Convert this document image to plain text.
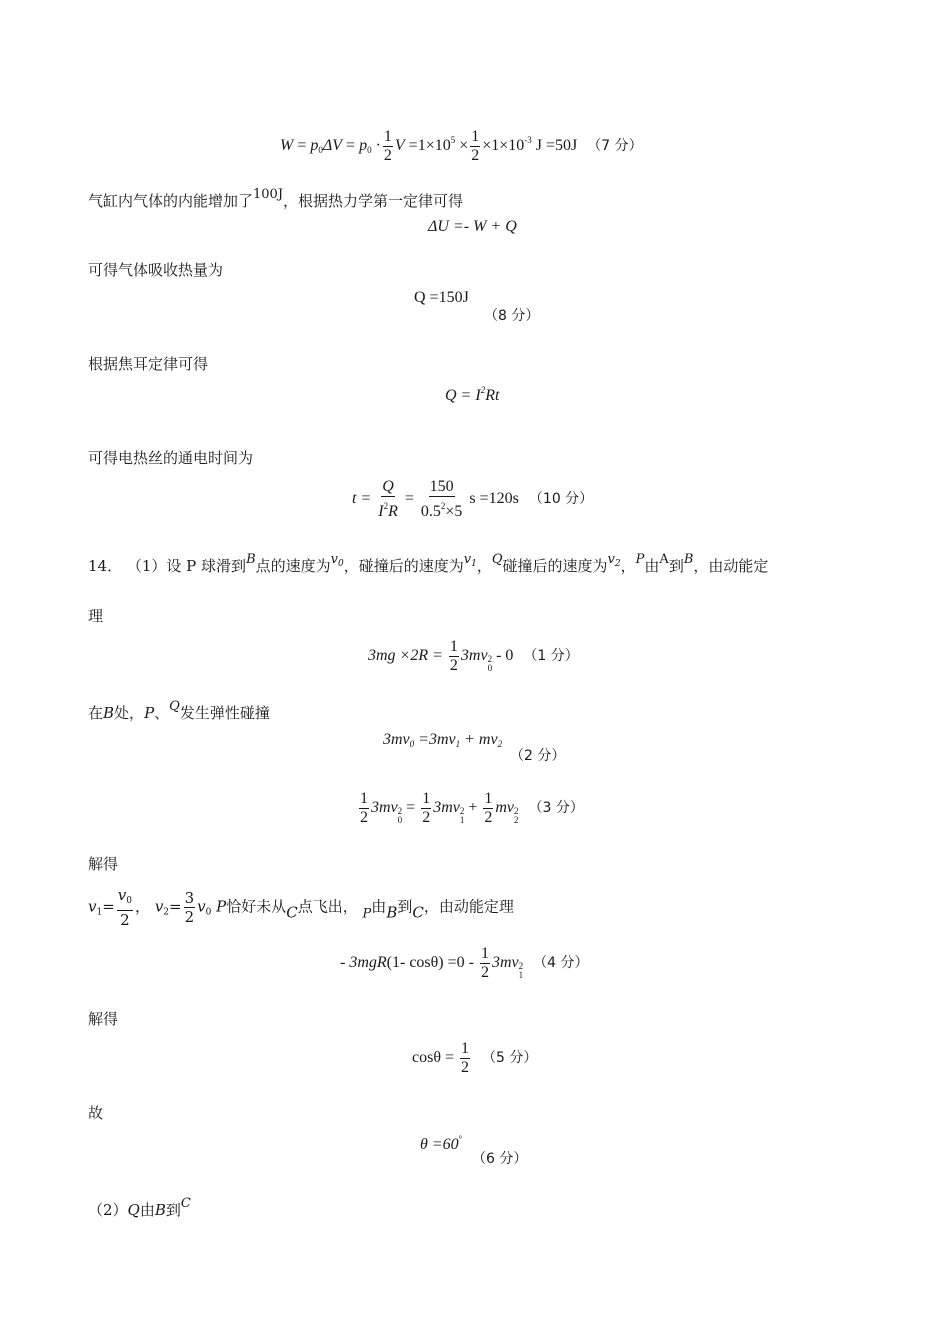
$W = p_0\Delta V = p_0 \cdot \frac{1}{2}$ $V =1\times 10^5 \times \frac{1}{2} \times 1\times 10^{-3}$ J =50J （7 分）
气缸内气体的内能增加了100J，根据热力学第一定律可得
ΔU =- W + Q
可得气体吸收热量为
Q =150J
（8 分）
根据焦耳定律可得
$Q = I^2Rt$
可得电热丝的通电时间为
$t = \frac{Q}{I^2R} = \frac{150}{0.5^2\times 5}$ s =120s （10 分）
14． （1）设 P 球滑到B点的速度为$v_0$，碰撞后的速度为$v_1$，Q碰撞后的速度为$v_2$，P由A到B，由动能定
理
$3mg \times 2R = \frac{1}{2} 3mv$ 2
0
- 0 （1 分）
在B处，P、Q发生弹性碰撞
$3mv_0 =3mv_1 + mv_2$
（2 分）
$\frac{1}{2} 3mv$ 2
0
= $\frac{1}{2} 3mv$ 2
1
+ $\frac{1}{2}$ mv 2
2
（3 分）
解得
$v_1= \frac{v_0}{2}$ ， $v_2= \frac{3}{2} v_0$ P恰好未从C点飞出， P由B到C，由动能定理
- 3mgR(1- $\cos\theta) =0 - \frac{1}{2} 3mv$ 2
1
（4 分）
解得
$\cos\theta = \frac{1}{2} (5$ 分）
故
θ =60°
（6 分）
（2）Q由B到C
